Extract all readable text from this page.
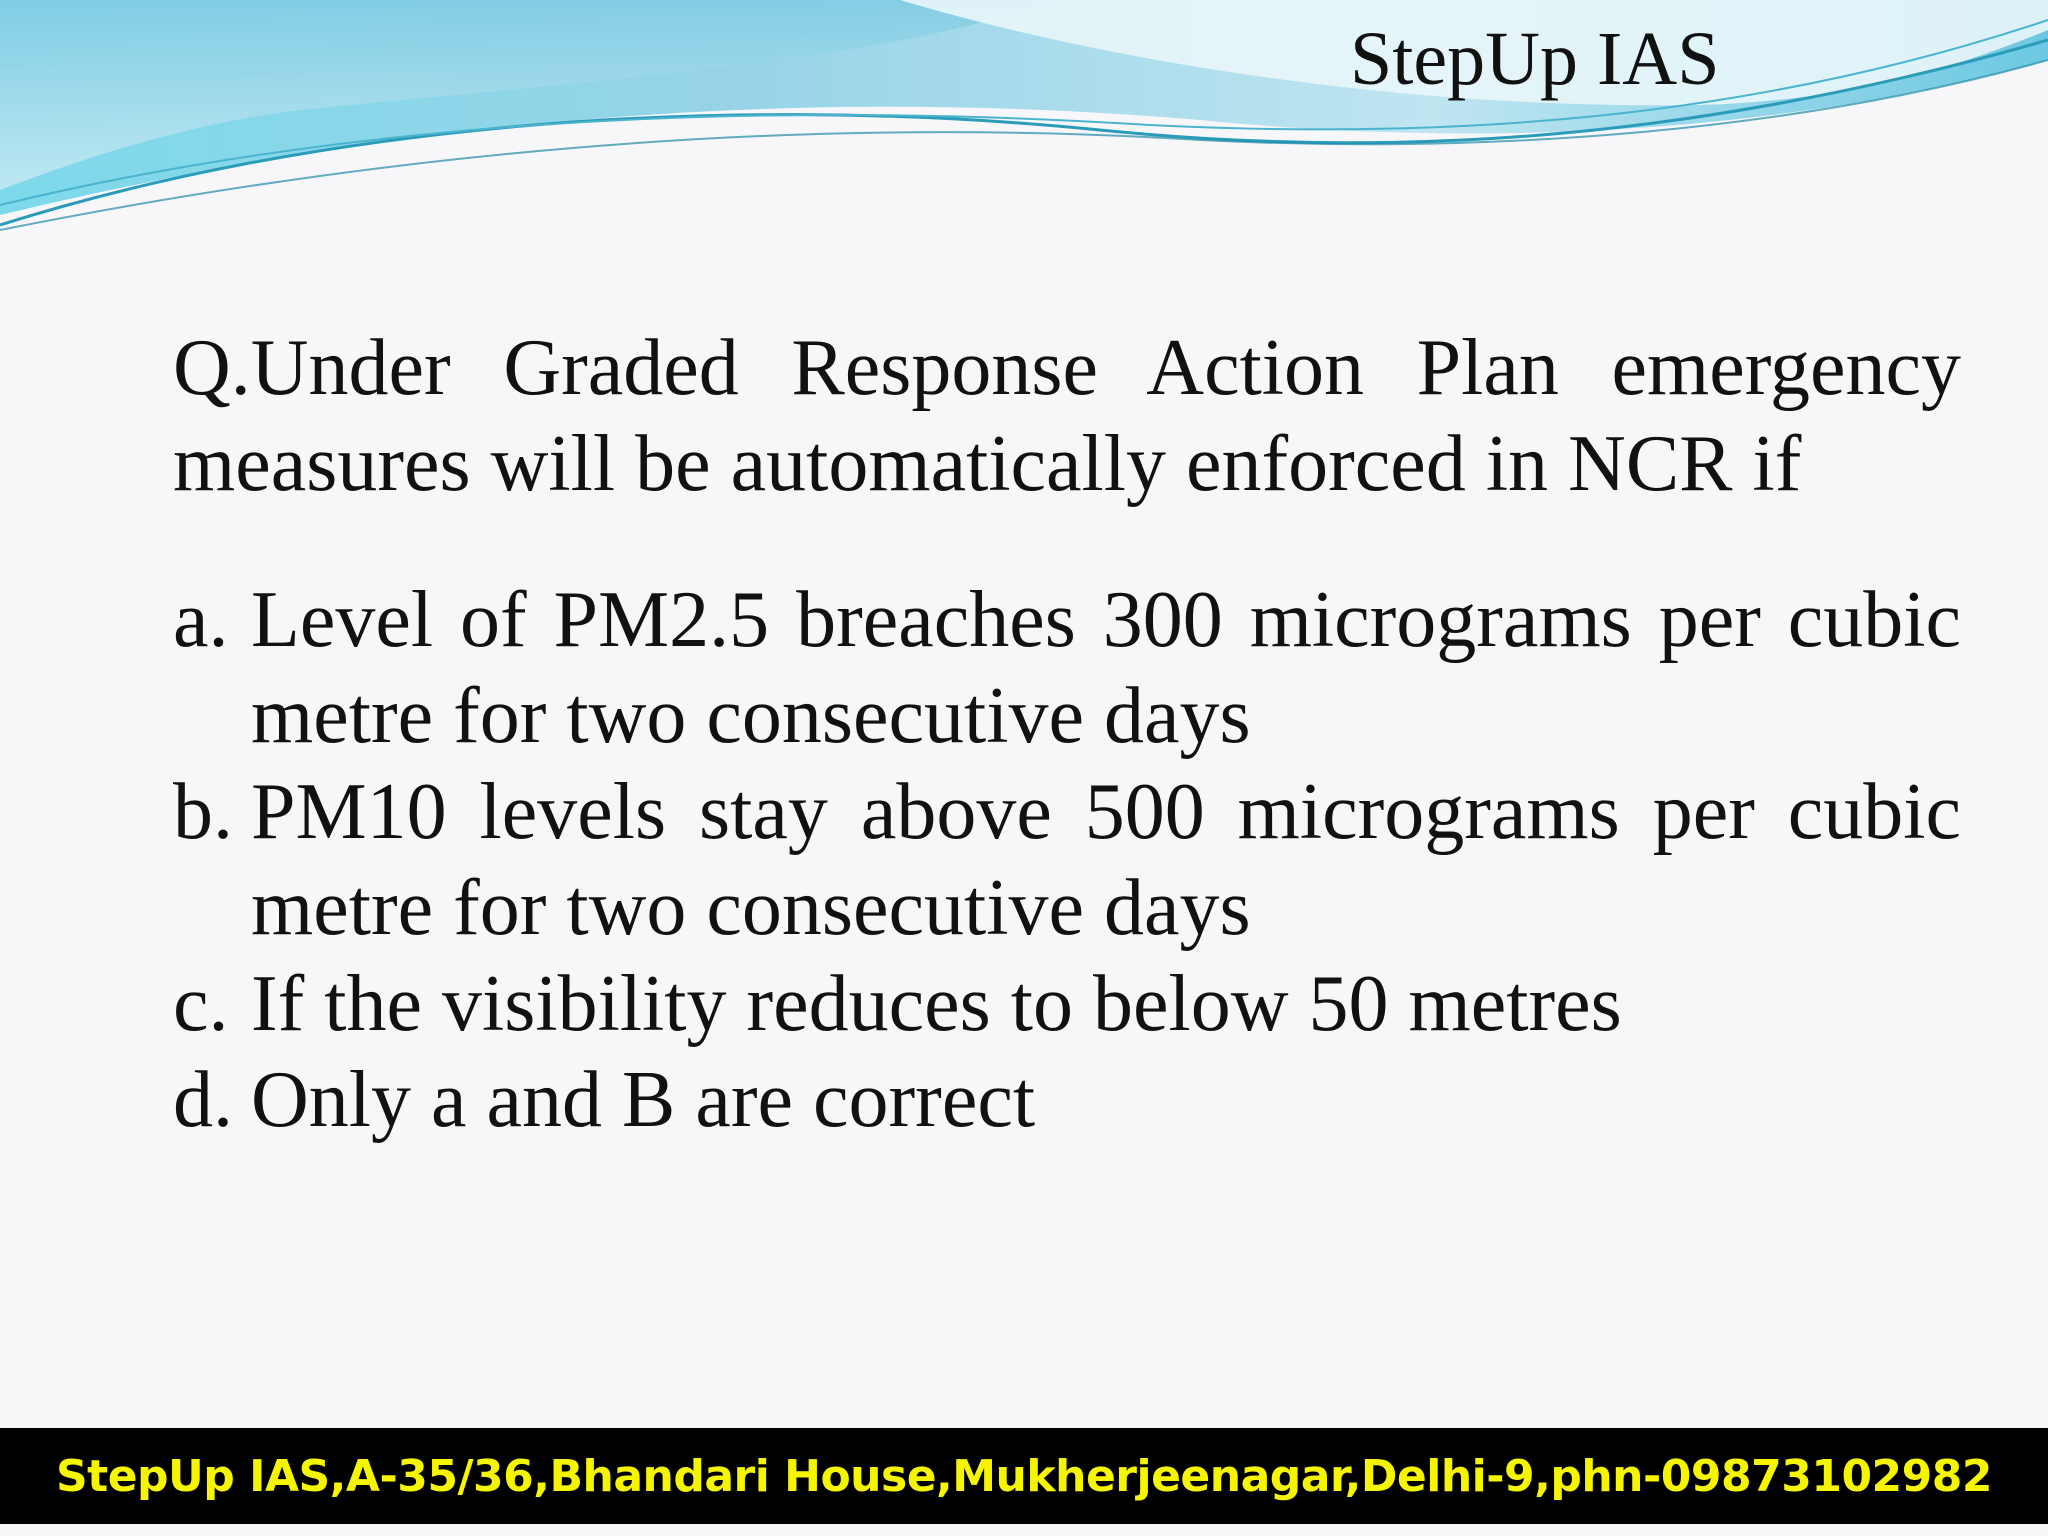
StepUp IAS

Q.Under Graded Response Action Plan emergency measures will be automatically enforced in NCR if

a. Level of PM2.5 breaches 300 micrograms per cubic metre for two consecutive days
b. PM10 levels stay above 500 micrograms per cubic metre for two consecutive days
c. If the visibility reduces to below 50 metres
d. Only a and B are correct
StepUp IAS,A-35/36,Bhandari House,Mukherjeenagar,Delhi-9,phn-09873102982
